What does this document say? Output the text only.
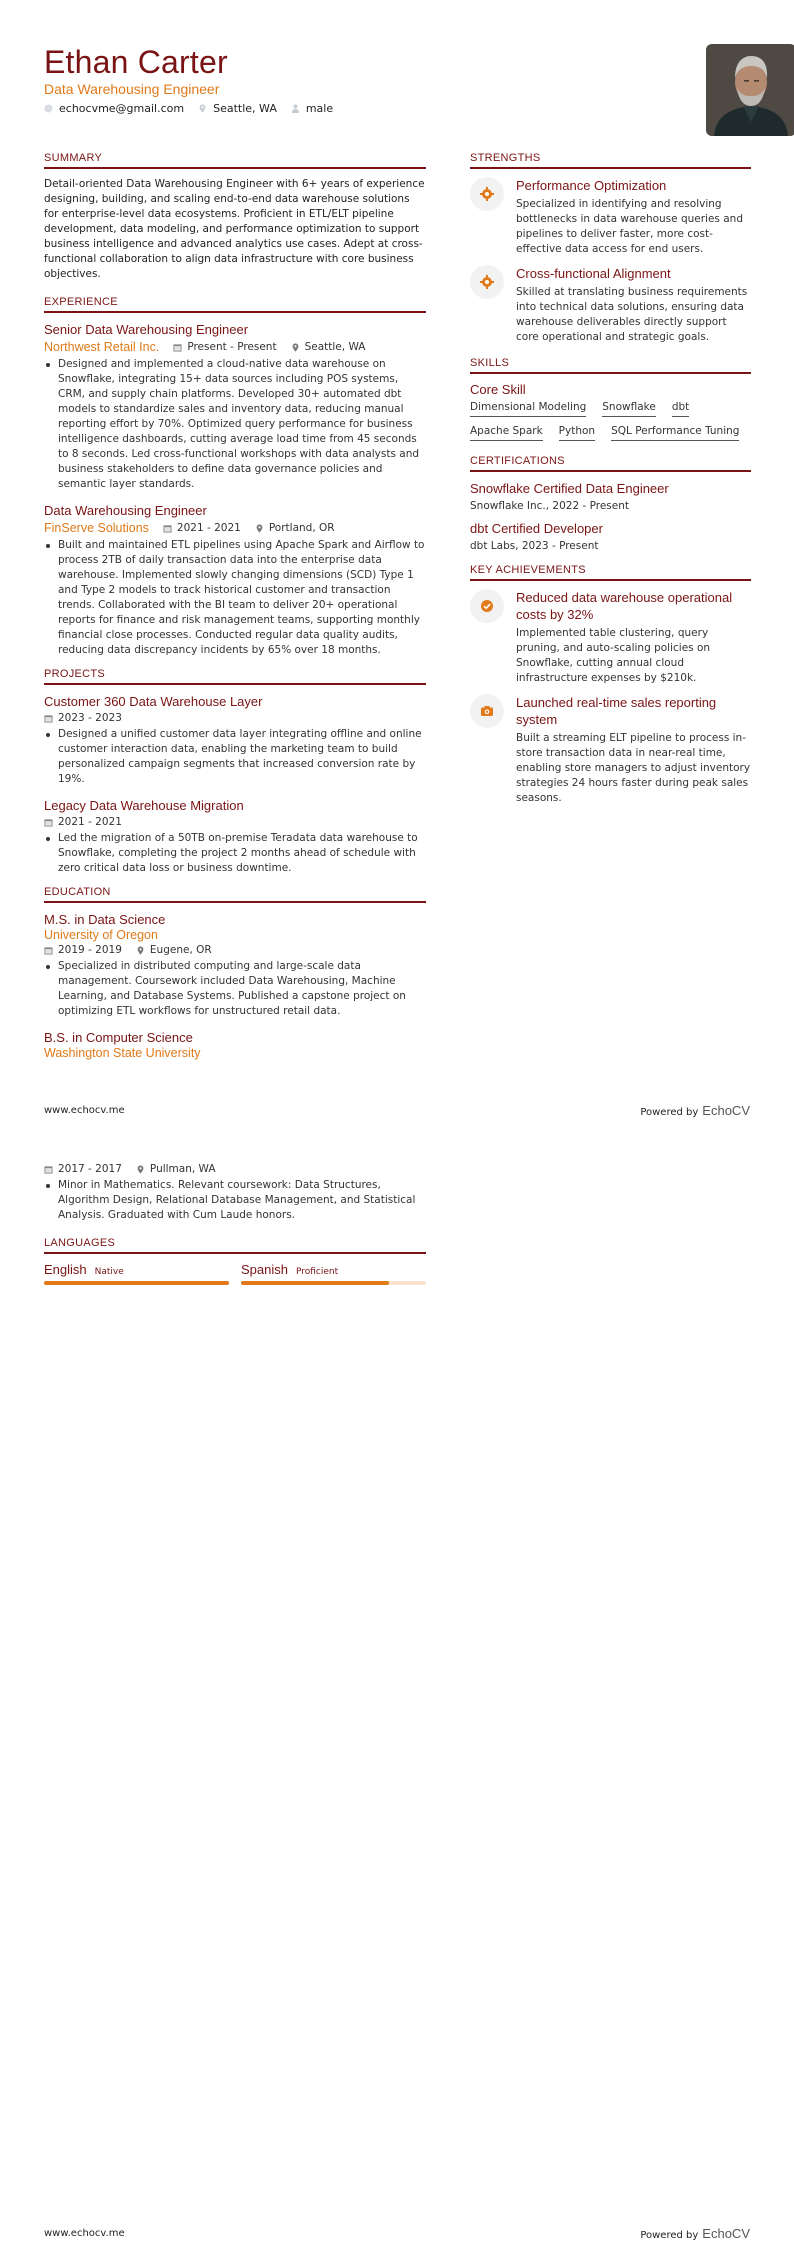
Ethan Carter
Data Warehousing Engineer
echocvme@gmail.com	Seattle, WA	male
SUMMARY

Detail-oriented Data Warehousing Engineer with 6+ years of experience designing, building, and scaling end-to-end data warehouse solutions for enterprise-level data ecosystems. Proficient in ETL/ELT pipeline development, data modeling, and performance optimization to support business intelligence and advanced analytics use cases. Adept at cross-functional collaboration to align data infrastructure with core business objectives.

EXPERIENCE
Senior Data Warehousing Engineer
Northwest Retail Inc.	Present - Present	Seattle, WA
Designed and implemented a cloud-native data warehouse on Snowflake, integrating 15+ data sources including POS systems, CRM, and supply chain platforms. Developed 30+ automated dbt models to standardize sales and inventory data, reducing manual reporting effort by 70%. Optimized query performance for business intelligence dashboards, cutting average load time from 45 seconds to 8 seconds. Led cross-functional workshops with data analysts and business stakeholders to define data governance policies and semantic layer standards.
Data Warehousing Engineer
FinServe Solutions	2021 - 2021	Portland, OR
Built and maintained ETL pipelines using Apache Spark and Airflow to process 2TB of daily transaction data into the enterprise data warehouse. Implemented slowly changing dimensions (SCD) Type 1 and Type 2 models to track historical customer and transaction trends. Collaborated with the BI team to deliver 20+ operational reports for finance and risk management teams, supporting monthly financial close processes. Conducted regular data quality audits, reducing data discrepancy incidents by 65% over 18 months.
PROJECTS
Customer 360 Data Warehouse Layer
2023 - 2023
Designed a unified customer data layer integrating offline and online customer interaction data, enabling the marketing team to build personalized campaign segments that increased conversion rate by 19%.
Legacy Data Warehouse Migration
2021 - 2021
Led the migration of a 50TB on-premise Teradata data warehouse to Snowflake, completing the project 2 months ahead of schedule with zero critical data loss or business downtime.
EDUCATION
M.S. in Data Science
University of Oregon
2019 - 2019	Eugene, OR
Specialized in distributed computing and large-scale data management. Coursework included Data Warehousing, Machine Learning, and Database Systems. Published a capstone project on optimizing ETL workflows for unstructured retail data.
B.S. in Computer Science
Washington State University
STRENGTHS
Performance Optimization
Specialized in identifying and resolving bottlenecks in data warehouse queries and pipelines to deliver faster, more cost-effective data access for end users.
Cross-functional Alignment
Skilled at translating business requirements into technical data solutions, ensuring data warehouse deliverables directly support core operational and strategic goals.
SKILLS
Core Skill
Dimensional Modeling Snowflake dbt
Apache Spark Python SQL Performance Tuning
CERTIFICATIONS
Snowflake Certified Data Engineer
Snowflake Inc., 2022 - Present
dbt Certified Developer
dbt Labs, 2023 - Present
KEY ACHIEVEMENTS
Reduced data warehouse operational costs by 32%
Implemented table clustering, query pruning, and auto-scaling policies on Snowflake, cutting annual cloud infrastructure expenses by $210k.
Launched real-time sales reporting system
Built a streaming ELT pipeline to process in-store transaction data in near-real time, enabling store managers to adjust inventory strategies 24 hours faster during peak sales seasons.
www.echocv.me	Powered by EchoCV
2017 - 2017	Pullman, WA
Minor in Mathematics. Relevant coursework: Data Structures, Algorithm Design, Relational Database Management, and Statistical Analysis. Graduated with Cum Laude honors.
LANGUAGES
English Native	Spanish Proficient
www.echocv.me	Powered by EchoCV
